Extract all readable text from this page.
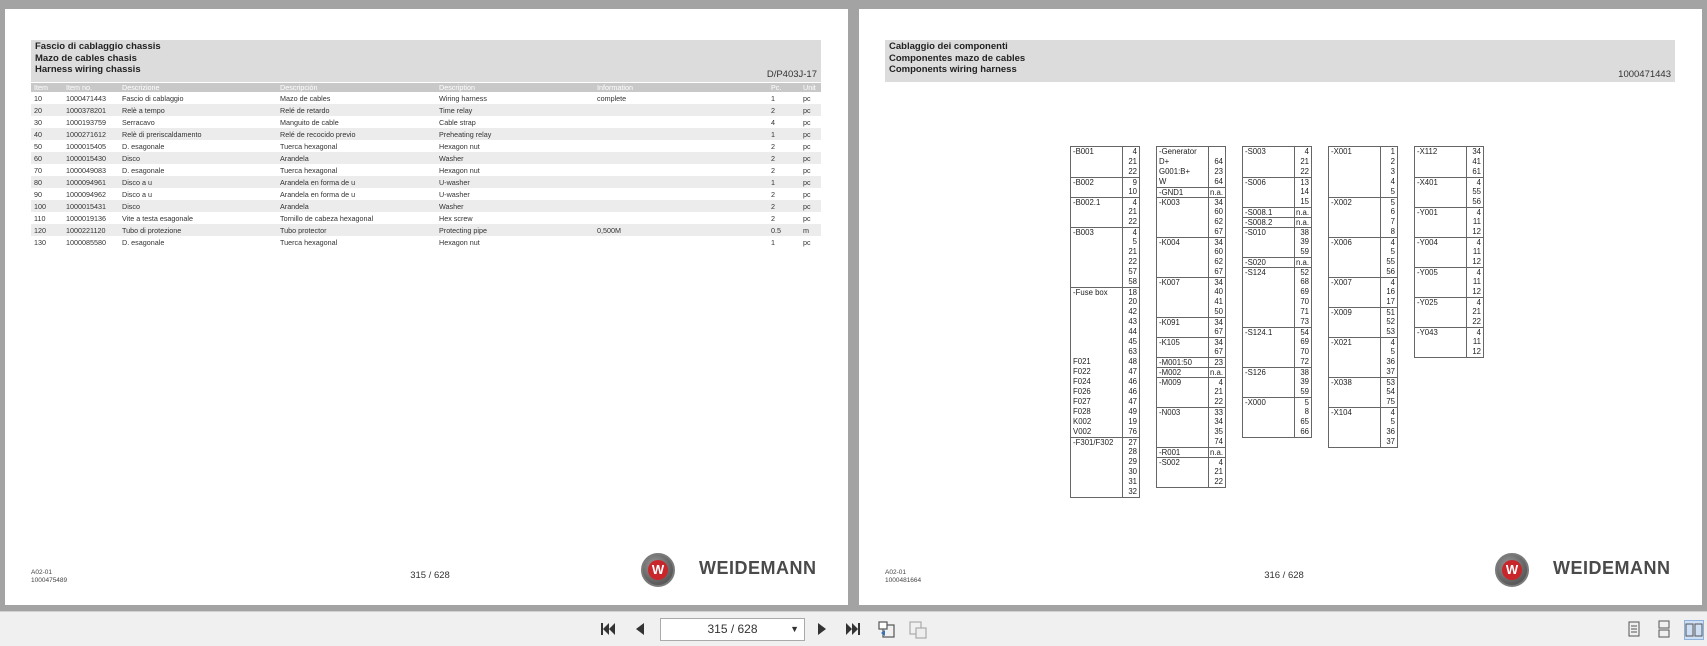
Fascio di cablaggio chassis
Mazo de cables chasis
Harness wiring chassis	D/P403J-17
Item	Item no.	Descrizione	Descripción	Description	Information	Pc.	Unit
10	1000471443	Fascio di cablaggio	Mazo de cables	Wiring harness	complete	1	pc
20	1000378201	Relè a tempo	Relé de retardo	Time relay		2	pc
30	1000193759	Serracavo	Manguito de cable	Cable strap		4	pc
40	1000271612	Relè di preriscaldamento	Relé de recocido previo	Preheating relay		1	pc
50	1000015405	D. esagonale	Tuerca hexagonal	Hexagon nut		2	pc
60	1000015430	Disco	Arandela	Washer		2	pc
70	1000049083	D. esagonale	Tuerca hexagonal	Hexagon nut		2	pc
80	1000094961	Disco a u	Arandela en forma de u	U-washer		1	pc
90	1000094962	Disco a u	Arandela en forma de u	U-washer		2	pc
100	1000015431	Disco	Arandela	Washer		2	pc
110	1000019136	Vite a testa esagonale	Tornillo de cabeza hexagonal	Hex screw		2	pc
120	1000221120	Tubo di protezione	Tubo protector	Protecting pipe	0,500M	0.5	m
130	1000085580	D. esagonale	Tuerca hexagonal	Hexagon nut		1	pc
A02-01
1000475489	315 / 628	W WEIDEMANN
Cablaggio dei componenti
Componentes mazo de cables
Components wiring harness	1000471443
-B001	4
21
22
-B002	9
10
-B002.1	4
21
22
-B003	4
5
21
22
57
58
-Fuse box	18
20
42
43
44
45
63
F021	48
F022	47
F024	46
F026	46
F027	47
F028	49
K002	19
V002	76
-F301/F302	27
28
29
30
31
32
-Generator
D+	64
G001:B+	23
W	64
-GND1	n.a.
-K003	34
60
62
67
-K004	34
60
62
67
-K007	34
40
41
50
-K091	34
67
-K105	34
67
-M001:50	23
-M002	n.a.
-M009	4
21
22
-N003	33
34
35
74
-R001	n.a.
-S002	4
21
22
-S003	4
21
22
-S006	13
14
15
-S008.1	n.a.
-S008.2	n.a.
-S010	38
39
59
-S020	n.a.
-S124	52
68
69
70
71
73
-S124.1	54
69
70
72
-S126	38
39
59
-X000	5
8
65
66
-X001	1
2
3
4
5
-X002	5
6
7
8
-X006	4
5
55
56
-X007	4
16
17
-X009	51
52
53
-X021	4
5
36
37
-X038	53
54
75
-X104	4
5
36
37
-X112	34
41
61
-X401	4
55
56
-Y001	4
11
12
-Y004	4
11
12
-Y005	4
11
12
-Y025	4
21
22
-Y043	4
11
12
A02-01
1000481664	316 / 628	W WEIDEMANN
315 / 628	▼
